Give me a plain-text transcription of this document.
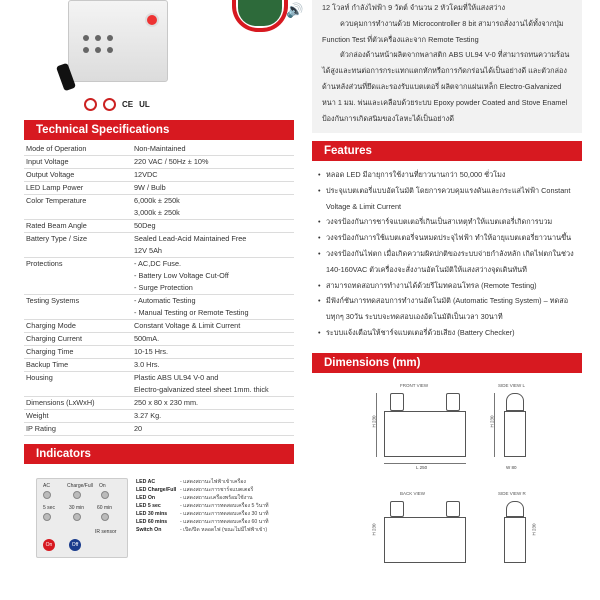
🔊
CE UL
Technical Specifications
Mode of Operation	Non-Maintained
Input Voltage	220 VAC / 50Hz ± 10%
Output Voltage	12VDC
LED Lamp Power	9W / Bulb
Color Temperature	6,000k ± 250k
	3,000k ± 250k
Rated Beam Angle	50Deg
Battery Type / Size	Sealed Lead-Acid Maintained Free
	12V 5Ah
Protections	- AC,DC Fuse.
	- Battery Low Voltage Cut-Off
	- Surge Protection
Testing Systems	- Automatic Testing
	- Manual Testing or Remote Testing
Charging Mode	Constant Voltage & Limit Current
Charging Current	500mA.
Charging Time	10-15 Hrs.
Backup Time	3.0 Hrs.
Housing	Plastic ABS UL94 V-0 and
	Electro-galvanized steel sheet 1mm. thick
Dimensions (LxWxH)	250 x 80 x 230 mm.
Weight	3.27 Kg.
IP Rating	20
Indicators
AC	Charge/Full On
5 sec	30 min	60 min
IR sensor
On	Off
LED AC	- แสดงสถานะไฟฟ้าเข้าเครื่อง
LED Charge/Full - แสดงสถานะการชาร์จแบตเตอรี่
LED On	- แสดงสถานะเครื่องพร้อมใช้งาน
LED 5 sec	- แสดงสถานะการทดสอบเครื่อง 5 วินาที
LED 30 mins	- แสดงสถานะการทดสอบเครื่อง 30 นาที
LED 60 mins	- แสดงสถานะการทดสอบเครื่อง 60 นาที
Switch On	- เปิด/ปิด หลอดไฟ (ขณะไม่มีไฟฟ้าเข้า)

12 โวลท์ กำลังไฟฟ้า 9 วัตต์ จำนวน 2 หัวโคมที่ให้แสงสว่าง

ควบคุมการทำงานด้วย Microcontroller 8 bit สามารถสั่งงานได้ทั้งจากปุ่ม Function Test ที่ตัวเครื่องและจาก Remote Testing

ตัวกล่องด้านหน้าผลิตจากพลาสติก ABS UL94 V-0 ที่สามารถทนความร้อนได้สูงและทนต่อการกระแทกแตกหักหรือการกัดกร่อนได้เป็นอย่างดี และตัวกล่องด้านหลังส่วนที่ยึดและรองรับแบตเตอรี่ ผลิตจากแผ่นเหล็ก Electro-Galvanized หนา 1 มม. พ่นและเคลือบด้วยระบบ Epoxy powder Coated and Stove Enamel ป้องกันการเกิดสนิมของโลหะได้เป็นอย่างดี

Features
• หลอด LED มีอายุการใช้งานที่ยาวนานกว่า 50,000 ชั่วโมง
• ประจุแบตเตอรี่แบบอัตโนมัติ โดยการควบคุมแรงดันและกระแสไฟฟ้า Constant Voltage & Limit Current
• วงจรป้องกันการชาร์จแบตเตอรี่เกินเป็นสาเหตุทำให้แบตเตอรี่เกิดการบวม
• วงจรป้องกันการใช้แบตเตอรี่จนหมดประจุไฟฟ้า ทำให้อายุแบตเตอรี่ยาวนานขึ้น
• วงจรป้องกันไฟตก เมื่อเกิดความผิดปกติของระบบจ่ายกำลังหลัก เกิดไฟตกในช่วง 140-160VAC ตัวเครื่องจะสั่งงานอัตโนมัติให้แสงสว่างจุดเดินทันที
• สามารถทดสอบการทำงานได้ด้วยรีโมทคอนโทรล (Remote Testing)
• มีฟังก์ชันการทดสอบการทำงานอัตโนมัติ (Automatic Testing System) – ทดสอบทุกๆ 30วัน ระบบจะทดสอบเองอัตโนมัติเป็นเวลา 30นาที
• ระบบแจ้งเตือนให้ชาร์จแบตเตอรี่ด้วยเสียง (Battery Checker)
Dimensions (mm)
FRONT VIEW	SIDE VIEW L
H 230
L 250
H 230
W 80
BACK VIEW	SIDE VIEW R
H 230	H 230
